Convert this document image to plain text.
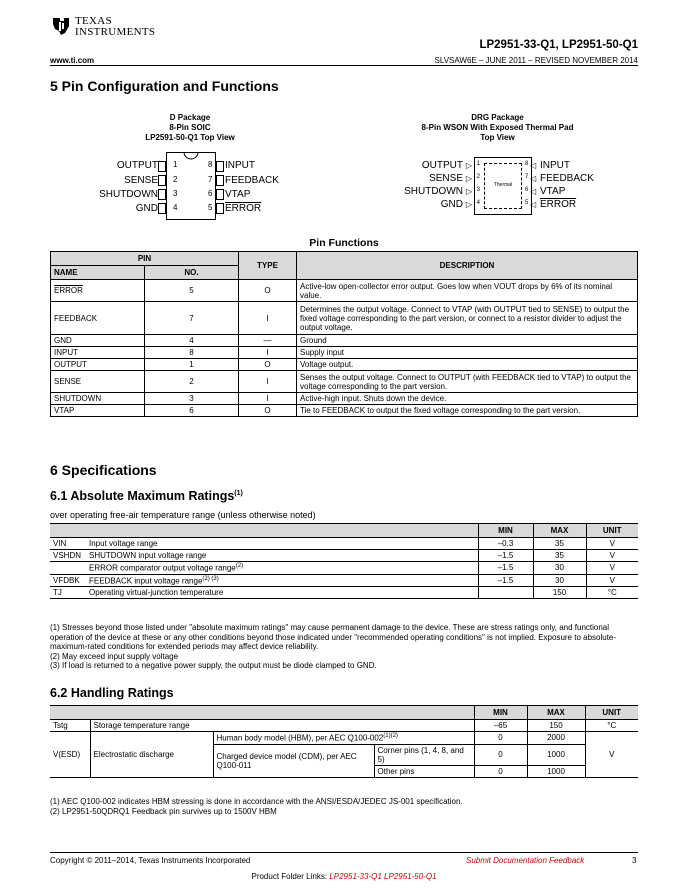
TEXAS
INSTRUMENTS
LP2951-33-Q1, LP2951-50-Q1
www.ti.com	SLVSAW6E – JUNE 2011 – REVISED NOVEMBER 2014
5 Pin Configuration and Functions
D Package
8-Pin SOIC
LP2591-50-Q1 Top View
OUTPUT 1
SENSE 2
SHUTDOWN 3
GND 4
8 INPUT
7 FEEDBACK
6 VTAP
5 ERROR
DRG Package
8-Pin WSON With Exposed Thermal Pad
Top View
Thermal
OUTPUT ▷ 1
SENSE ▷ 2
SHUTDOWN ▷ 3
GND ▷ 4
8 ◁ INPUT
7 ◁ FEEDBACK
6 ◁ VTAP
5 ◁ ERROR
Pin Functions
PIN		TYPE	DESCRIPTION
NAME	NO.		
ERROR	5	O	Active-low open-collector error output. Goes low when VOUT drops by 6% of its nominal value.
FEEDBACK	7	I	Determines the output voltage. Connect to VTAP (with OUTPUT tied to SENSE) to output the fixed voltage corresponding to the part version, or connect to a resistor divider to adjust the output voltage.
GND	4	—	Ground
INPUT	8	I	Supply input
OUTPUT	1	O	Voltage output.
SENSE	2	I	Senses the output voltage. Connect to OUTPUT (with FEEDBACK tied to VTAP) to output the voltage corresponding to the part version.
SHUTDOWN	3	I	Active-high input. Shuts down the device.
VTAP	6	O	Tie to FEEDBACK to output the fixed voltage corresponding to the part version.
6 Specifications
6.1 Absolute Maximum Ratings$^{(1)}$
over operating free-air temperature range (unless otherwise noted)
		MIN	MAX	UNIT
VIN	Input voltage range	–0.3	35	V
VSHDN	SHUTDOWN input voltage range	–1.5	35	V
	ERROR comparator output voltage range$^{(2)}$	–1.5	30	V
VFDBK	FEEDBACK input voltage range$^{(2) (3)}$	–1.5	30	V
TJ	Operating virtual-junction temperature		150	°C
(1) Stresses beyond those listed under "absolute maximum ratings" may cause permanent damage to the device. These are stress ratings only, and functional operation of the device at these or any other conditions beyond those indicated under "recommended operating conditions" is not implied. Exposure to absolute-maximum-rated conditions for extended periods may affect device reliability.
(2) May exceed input supply voltage
(3) If load is returned to a negative power supply, the output must be diode clamped to GND.
6.2 Handling Ratings
				MIN	MAX	UNIT
Tstg	Storage temperature range			–65	150	°C
V(ESD)	Electrostatic discharge	Human body model (HBM), per AEC $Q100-002^{(1)(2)}$		0	2000	V
		Charged device model (CDM), per AEC Q100-011	Corner pins (1, 4, 8, and 5)	0	1000	
			Other pins	0	1000	
(1) AEC Q100-002 indicates HBM stressing is done in accordance with the ANSI/ESDA/JEDEC JS-001 specification.
(2) LP2951-50QDRQ1 Feedback pin survives up to 1500V HBM
Copyright © 2011–2014, Texas Instruments Incorporated	Submit Documentation Feedback	3
Product Folder Links: LP2951-33-Q1 LP2951-50-Q1
